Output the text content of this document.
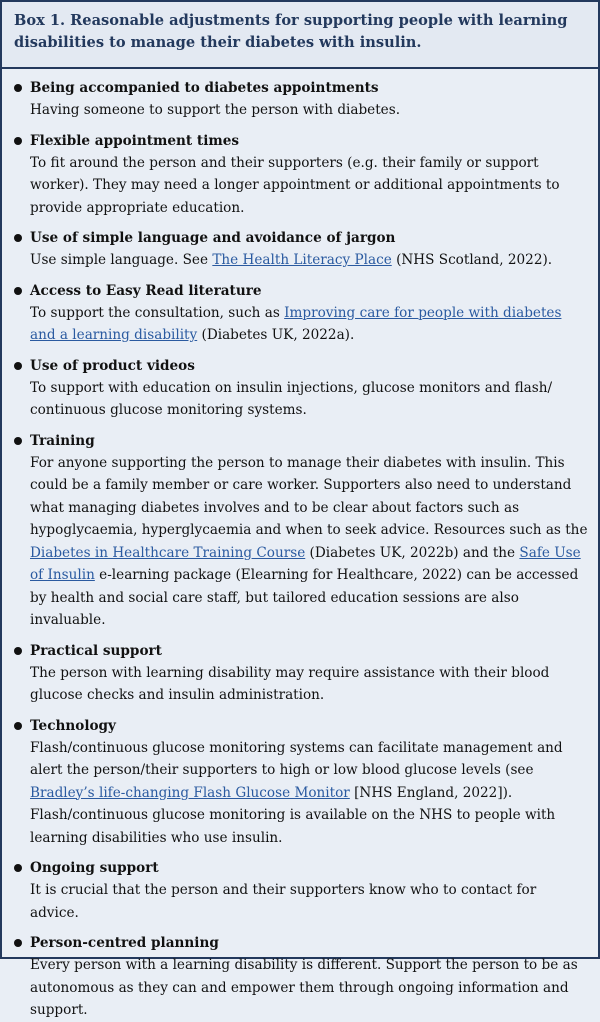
Box 1. Reasonable adjustments for supporting people with learning disabilities to manage their diabetes with insulin.

Being accompanied to diabetes appointments

Having someone to support the person with diabetes.

Flexible appointment times

To fit around the person and their supporters (e.g. their family or support worker). They may need a longer appointment or additional appointments to provide appropriate education.

Use of simple language and avoidance of jargon

Use simple language. See The Health Literacy Place (NHS Scotland, 2022).

Access to Easy Read literature

To support the consultation, such as Improving care for people with diabetes and a learning disability (Diabetes UK, 2022a).

Use of product videos

To support with education on insulin injections, glucose monitors and flash/ continuous glucose monitoring systems.

Training

For anyone supporting the person to manage their diabetes with insulin. This could be a family member or care worker. Supporters also need to understand what managing diabetes involves and to be clear about factors such as hypoglycaemia, hyperglycaemia and when to seek advice. Resources such as the Diabetes in Healthcare Training Course (Diabetes UK, 2022b) and the Safe Use of Insulin e-learning package (Elearning for Healthcare, 2022) can be accessed by health and social care staff, but tailored education sessions are also invaluable.

Practical support

The person with learning disability may require assistance with their blood glucose checks and insulin administration.

Technology

Flash/continuous glucose monitoring systems can facilitate management and alert the person/their supporters to high or low blood glucose levels (see Bradley’s life-changing Flash Glucose Monitor [NHS England, 2022]). Flash/continuous glucose monitoring is available on the NHS to people with learning disabilities who use insulin.

Ongoing support

It is crucial that the person and their supporters know who to contact for advice.

Person-centred planning

Every person with a learning disability is different. Support the person to be as autonomous as they can and empower them through ongoing information and support.
